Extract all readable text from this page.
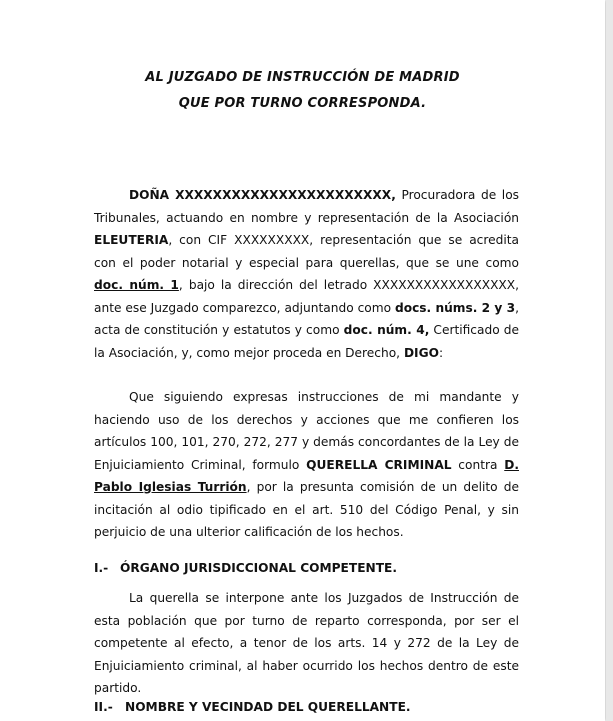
AL JUZGADO DE INSTRUCCIÓN DE MADRID
QUE POR TURNO CORRESPONDA.
DOÑA XXXXXXXXXXXXXXXXXXXXXXX, Procuradora de los Tribunales, actuando en nombre y representación de la Asociación ELEUTERIA, con CIF XXXXXXXXX, representación que se acredita con el poder notarial y especial para querellas, que se une como doc. núm. 1, bajo la dirección del letrado XXXXXXXXXXXXXXXXX, ante ese Juzgado comparezco, adjuntando como docs. núms. 2 y 3, acta de constitución y estatutos y como doc. núm. 4, Certificado de la Asociación, y, como mejor proceda en Derecho, DIGO:
Que siguiendo expresas instrucciones de mi mandante y haciendo uso de los derechos y acciones que me confieren los artículos 100, 101, 270, 272, 277 y demás concordantes de la Ley de Enjuiciamiento Criminal, formulo QUERELLA CRIMINAL contra D. Pablo Iglesias Turrión, por la presunta comisión de un delito de incitación al odio tipificado en el art. 510 del Código Penal, y sin perjuicio de una ulterior calificación de los hechos.
I.- ÓRGANO JURISDICCIONAL COMPETENTE.
La querella se interpone ante los Juzgados de Instrucción de esta población que por turno de reparto corresponda, por ser el competente al efecto, a tenor de los arts. 14 y 272 de la Ley de Enjuiciamiento criminal, al haber ocurrido los hechos dentro de este partido.
II.- NOMBRE Y VECINDAD DEL QUERELLANTE.
